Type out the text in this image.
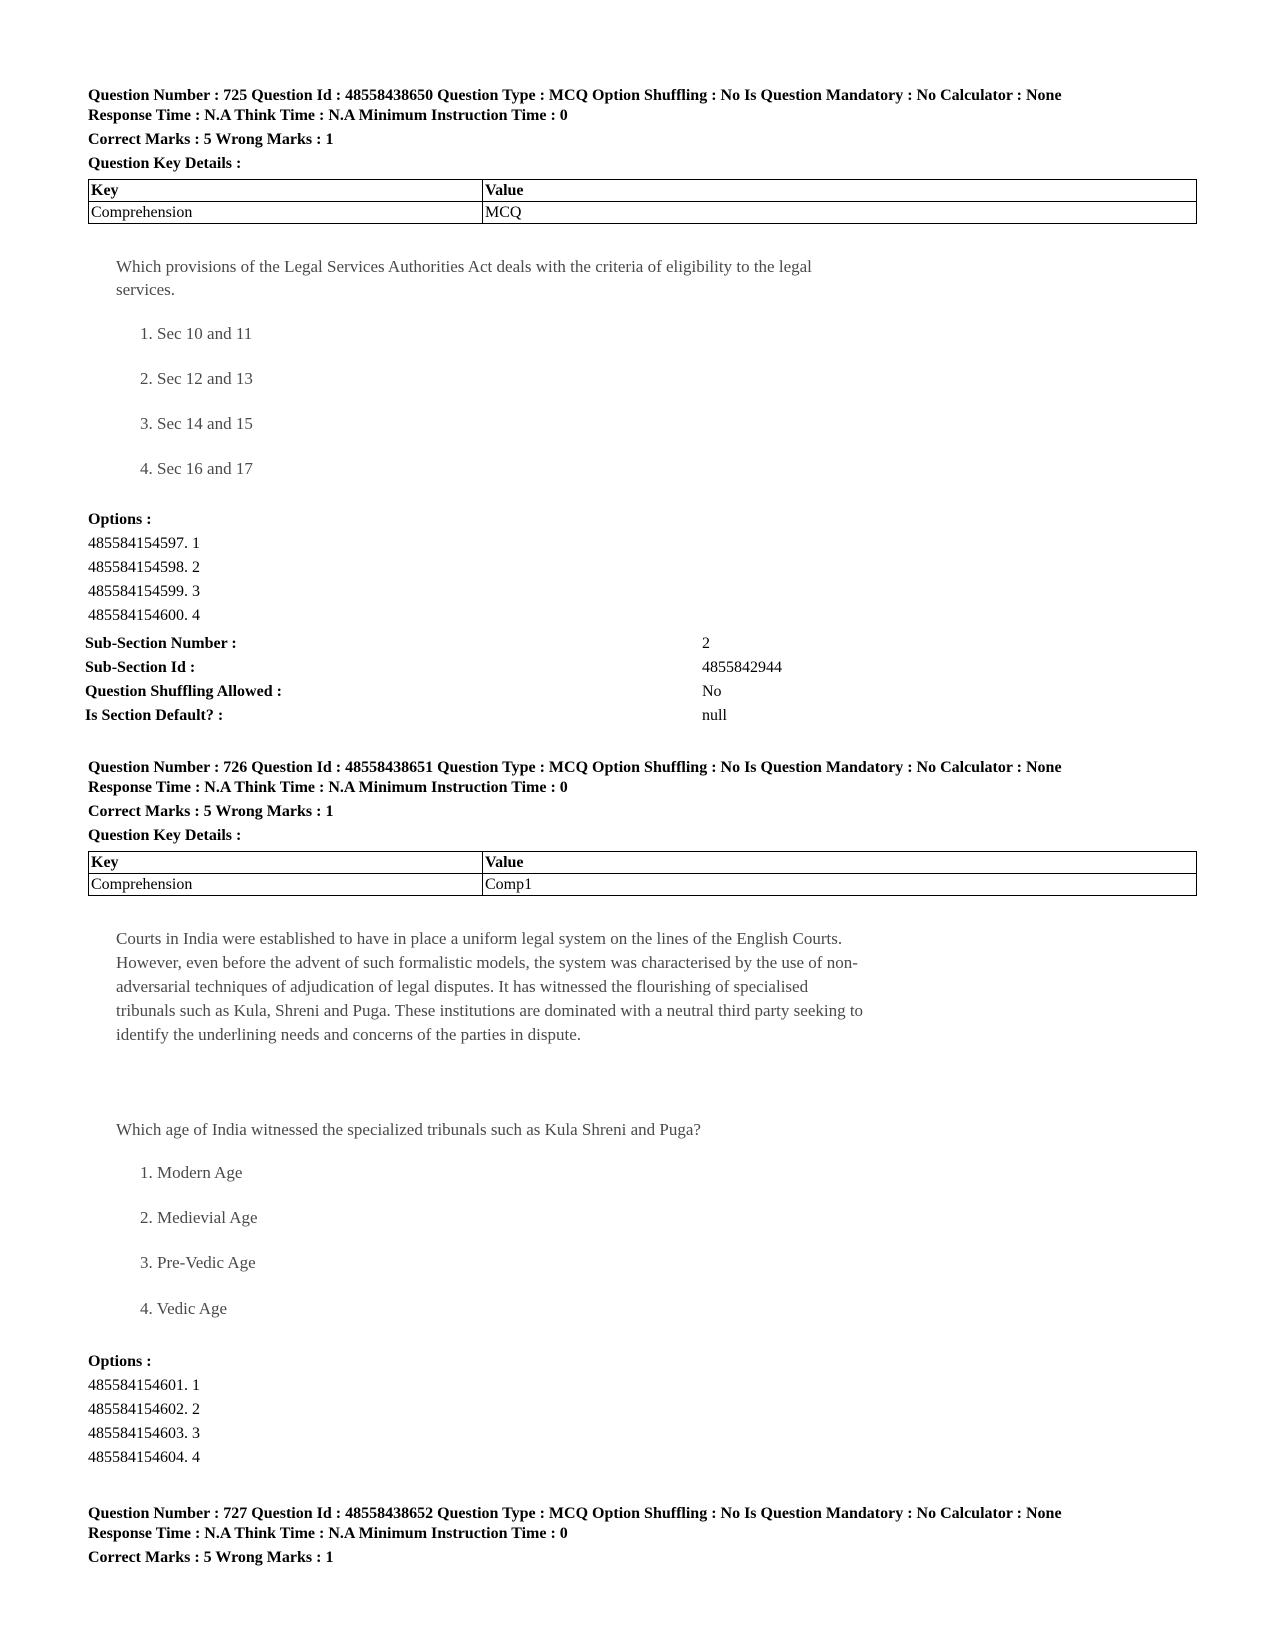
Question Number : 725 Question Id : 48558438650 Question Type : MCQ Option Shuffling : No Is Question Mandatory : No Calculator : None
Response Time : N.A Think Time : N.A Minimum Instruction Time : 0
Correct Marks : 5 Wrong Marks : 1
Question Key Details :
Key	Value
Comprehension	MCQ
Which provisions of the Legal Services Authorities Act deals with the criteria of eligibility to the legal
services.
1. Sec 10 and 11
2. Sec 12 and 13
3. Sec 14 and 15
4. Sec 16 and 17
Options :
485584154597. 1
485584154598. 2
485584154599. 3
485584154600. 4
Sub-Section Number :	2
Sub-Section Id :	4855842944
Question Shuffling Allowed :	No
Is Section Default? :	null
Question Number : 726 Question Id : 48558438651 Question Type : MCQ Option Shuffling : No Is Question Mandatory : No Calculator : None
Response Time : N.A Think Time : N.A Minimum Instruction Time : 0
Correct Marks : 5 Wrong Marks : 1
Question Key Details :
Key	Value
Comprehension	Comp1
Courts in India were established to have in place a uniform legal system on the lines of the English Courts.
However, even before the advent of such formalistic models, the system was characterised by the use of non-
adversarial techniques of adjudication of legal disputes. It has witnessed the flourishing of specialised
tribunals such as Kula, Shreni and Puga. These institutions are dominated with a neutral third party seeking to
identify the underlining needs and concerns of the parties in dispute.
Which age of India witnessed the specialized tribunals such as Kula Shreni and Puga?
1. Modern Age
2. Medievial Age
3. Pre-Vedic Age
4. Vedic Age
Options :
485584154601. 1
485584154602. 2
485584154603. 3
485584154604. 4
Question Number : 727 Question Id : 48558438652 Question Type : MCQ Option Shuffling : No Is Question Mandatory : No Calculator : None
Response Time : N.A Think Time : N.A Minimum Instruction Time : 0
Correct Marks : 5 Wrong Marks : 1
